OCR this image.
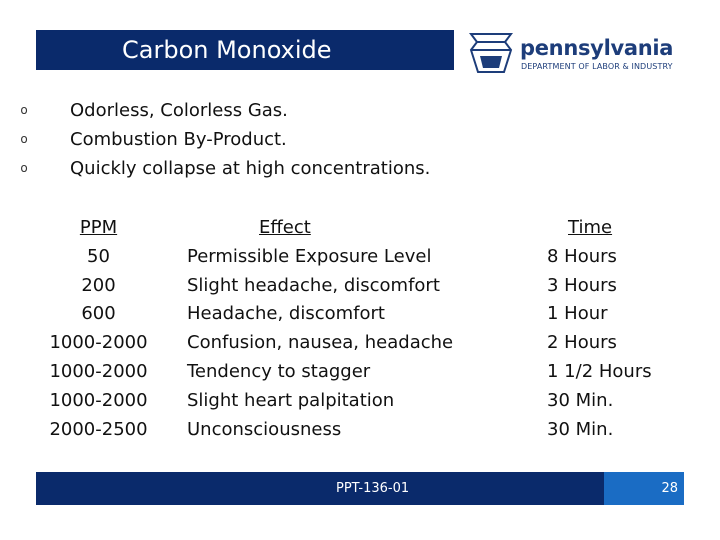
Carbon Monoxide	pennsylvania
DEPARTMENT OF LABOR & INDUSTRY
o Odorless, Colorless Gas.
o Combustion By-Product.
o Quickly collapse at high concentrations.
PPM
50
200
600
1000-2000
1000-2000
1000-2000
2000-2500
Effect
Permissible Exposure Level
Slight headache, discomfort
Headache, discomfort
Confusion, nausea, headache
Tendency to stagger
Slight heart palpitation
Unconsciousness
Time
8 Hours
3 Hours
1 Hour
2 Hours
1 1/2 Hours
30 Min.
30 Min.
PPT-136-01	28
